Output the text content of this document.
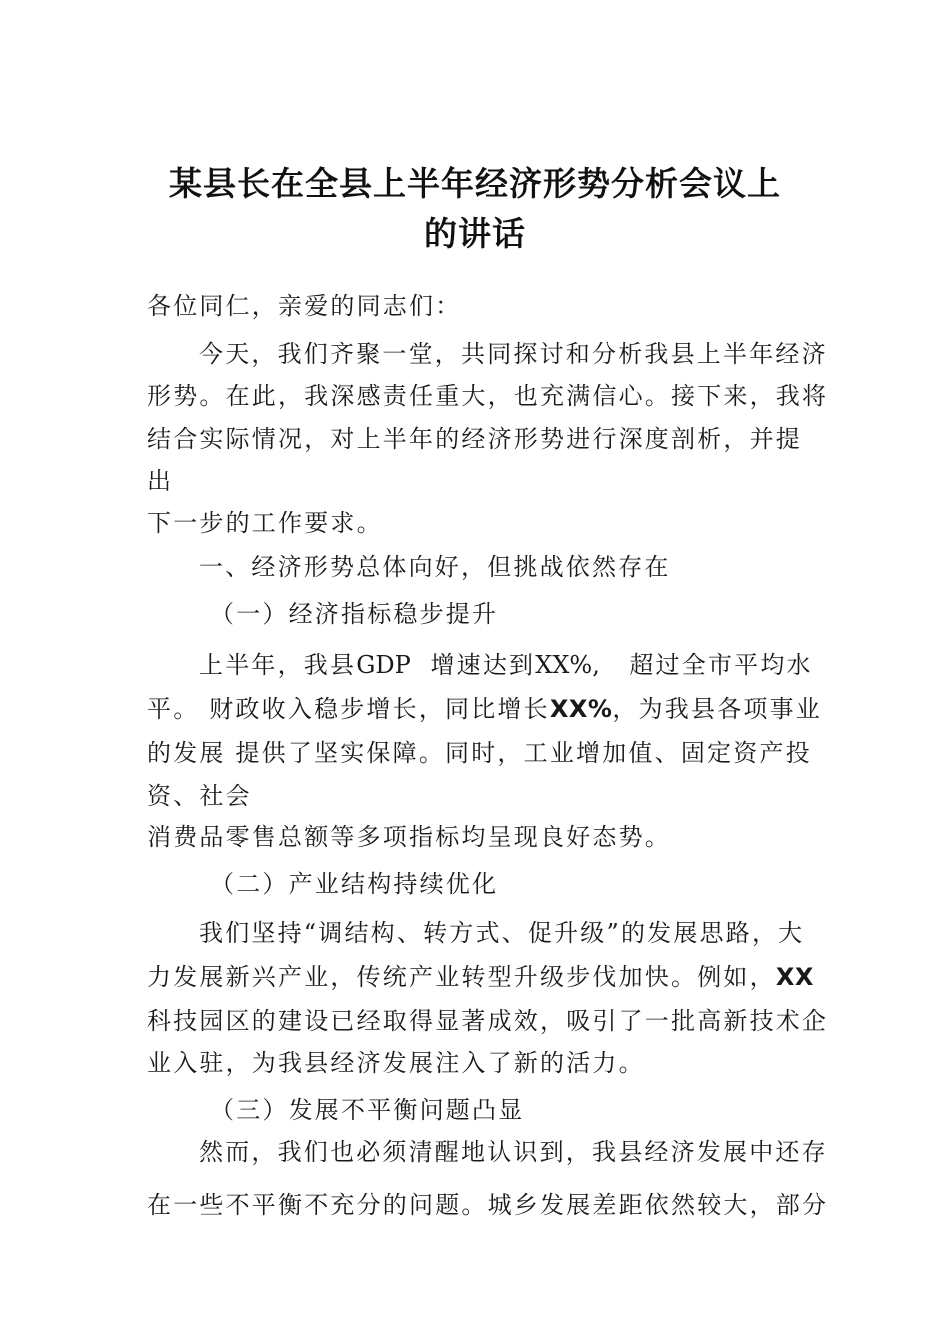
某县长在全县上半年经济形势分析会议上
的讲话
各位同仁，亲爱的同志们：
今天，我们齐聚一堂，共同探讨和分析我县上半年经济
形势。在此，我深感责任重大，也充满信心。接下来，我将
结合实际情况，对上半年的经济形势进行深度剖析，并提
出
下一步的工作要求。
一、经济形势总体向好，但挑战依然存在
（一）经济指标稳步提升
上半年，我县GDP 增速达到XX%, 超过全市平均水
平。 财政收入稳步增长，同比增长XX%，为我县各项事业
的发展 提供了坚实保障。同时，工业增加值、固定资产投
资、社会
消费品零售总额等多项指标均呈现良好态势。
（二）产业结构持续优化
我们坚持“调结构、转方式、促升级”的发展思路，大
力发展新兴产业，传统产业转型升级步伐加快。例如，XX
科技园区的建设已经取得显著成效，吸引了一批高新技术企
业入驻，为我县经济发展注入了新的活力。
（三）发展不平衡问题凸显
然而，我们也必须清醒地认识到，我县经济发展中还存
在一些不平衡不充分的问题。城乡发展差距依然较大，部分
